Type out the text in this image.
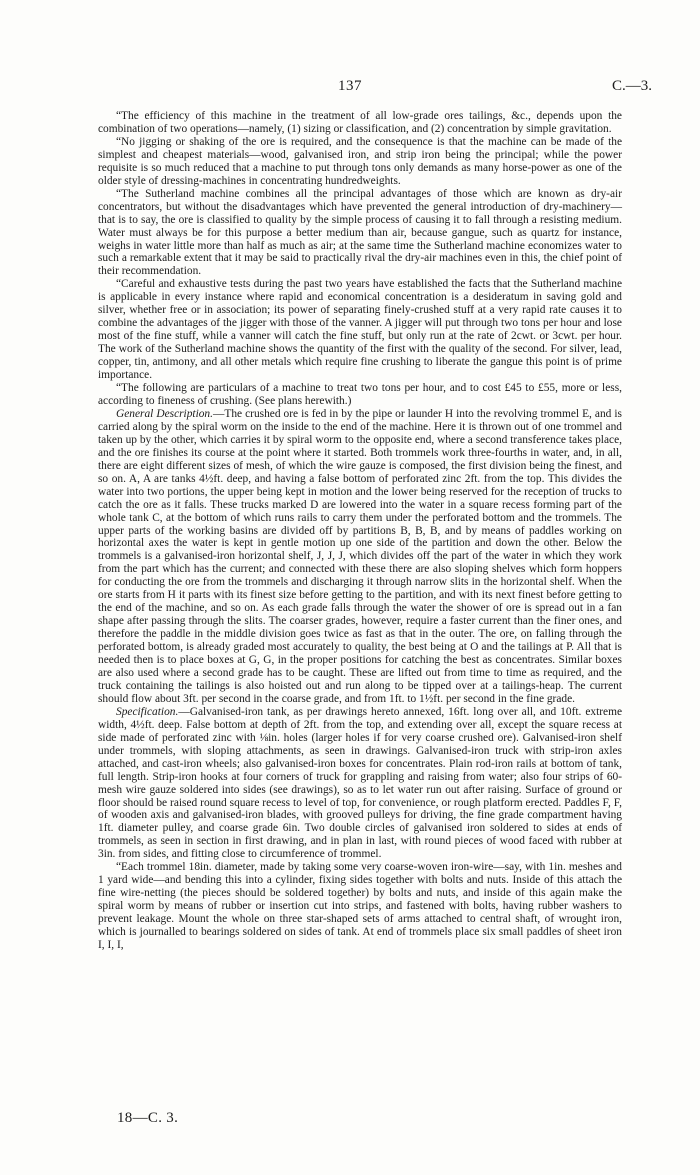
137	C.—3.

“The efficiency of this machine in the treatment of all low-grade ores tailings, &c., depends upon the combination of two operations—namely, (1) sizing or classification, and (2) concentration by simple gravitation.

“No jigging or shaking of the ore is required, and the consequence is that the machine can be made of the simplest and cheapest materials—wood, galvanised iron, and strip iron being the principal; while the power requisite is so much reduced that a machine to put through tons only demands as many horse-power as one of the older style of dressing-machines in concentrating hundredweights.

“The Sutherland machine combines all the principal advantages of those which are known as dry-air concentrators, but without the disadvantages which have prevented the general introduction of dry-machinery—that is to say, the ore is classified to quality by the simple process of causing it to fall through a resisting medium. Water must always be for this purpose a better medium than air, because gangue, such as quartz for instance, weighs in water little more than half as much as air; at the same time the Sutherland machine economizes water to such a remarkable extent that it may be said to practically rival the dry-air machines even in this, the chief point of their recommendation.

“Careful and exhaustive tests during the past two years have established the facts that the Sutherland machine is applicable in every instance where rapid and economical concentration is a desideratum in saving gold and silver, whether free or in association; its power of separating finely-crushed stuff at a very rapid rate causes it to combine the advantages of the jigger with those of the vanner. A jigger will put through two tons per hour and lose most of the fine stuff, while a vanner will catch the fine stuff, but only run at the rate of 2cwt. or 3cwt. per hour. The work of the Sutherland machine shows the quantity of the first with the quality of the second. For silver, lead, copper, tin, antimony, and all other metals which require fine crushing to liberate the gangue this point is of prime importance.

“The following are particulars of a machine to treat two tons per hour, and to cost £45 to £55, more or less, according to fineness of crushing. (See plans herewith.)

General Description.—The crushed ore is fed in by the pipe or launder H into the revolving trommel E, and is carried along by the spiral worm on the inside to the end of the machine. Here it is thrown out of one trommel and taken up by the other, which carries it by spiral worm to the opposite end, where a second transference takes place, and the ore finishes its course at the point where it started. Both trommels work three-fourths in water, and, in all, there are eight different sizes of mesh, of which the wire gauze is composed, the first division being the finest, and so on. A, A are tanks 4½ft. deep, and having a false bottom of perforated zinc 2ft. from the top. This divides the water into two portions, the upper being kept in motion and the lower being reserved for the reception of trucks to catch the ore as it falls. These trucks marked D are lowered into the water in a square recess forming part of the whole tank C, at the bottom of which runs rails to carry them under the perforated bottom and the trommels. The upper parts of the working basins are divided off by partitions B, B, B, and by means of paddles working on horizontal axes the water is kept in gentle motion up one side of the partition and down the other. Below the trommels is a galvanised-iron horizontal shelf, J, J, J, which divides off the part of the water in which they work from the part which has the current; and connected with these there are also sloping shelves which form hoppers for conducting the ore from the trommels and discharging it through narrow slits in the horizontal shelf. When the ore starts from H it parts with its finest size before getting to the partition, and with its next finest before getting to the end of the machine, and so on. As each grade falls through the water the shower of ore is spread out in a fan shape after passing through the slits. The coarser grades, however, require a faster current than the finer ones, and therefore the paddle in the middle division goes twice as fast as that in the outer. The ore, on falling through the perforated bottom, is already graded most accurately to quality, the best being at O and the tailings at P. All that is needed then is to place boxes at G, G, in the proper positions for catching the best as concentrates. Similar boxes are also used where a second grade has to be caught. These are lifted out from time to time as required, and the truck containing the tailings is also hoisted out and run along to be tipped over at a tailings-heap. The current should flow about 3ft. per second in the coarse grade, and from 1ft. to 1½ft. per second in the fine grade.

Specification.—Galvanised-iron tank, as per drawings hereto annexed, 16ft. long over all, and 10ft. extreme width, 4½ft. deep. False bottom at depth of 2ft. from the top, and extending over all, except the square recess at side made of perforated zinc with ⅛in. holes (larger holes if for very coarse crushed ore). Galvanised-iron shelf under trommels, with sloping attachments, as seen in drawings. Galvanised-iron truck with strip-iron axles attached, and cast-iron wheels; also galvanised-iron boxes for concentrates. Plain rod-iron rails at bottom of tank, full length. Strip-iron hooks at four corners of truck for grappling and raising from water; also four strips of 60-mesh wire gauze soldered into sides (see drawings), so as to let water run out after raising. Surface of ground or floor should be raised round square recess to level of top, for convenience, or rough platform erected. Paddles F, F, of wooden axis and galvanised-iron blades, with grooved pulleys for driving, the fine grade compartment having 1ft. diameter pulley, and coarse grade 6in. Two double circles of galvanised iron soldered to sides at ends of trommels, as seen in section in first drawing, and in plan in last, with round pieces of wood faced with rubber at 3in. from sides, and fitting close to circumference of trommel.

“Each trommel 18in. diameter, made by taking some very coarse-woven iron-wire—say, with 1in. meshes and 1 yard wide—and bending this into a cylinder, fixing sides together with bolts and nuts. Inside of this attach the fine wire-netting (the pieces should be soldered together) by bolts and nuts, and inside of this again make the spiral worm by means of rubber or insertion cut into strips, and fastened with bolts, having rubber washers to prevent leakage. Mount the whole on three star-shaped sets of arms attached to central shaft, of wrought iron, which is journalled to bearings soldered on sides of tank. At end of trommels place six small paddles of sheet iron I, I, I,

18—C. 3.
